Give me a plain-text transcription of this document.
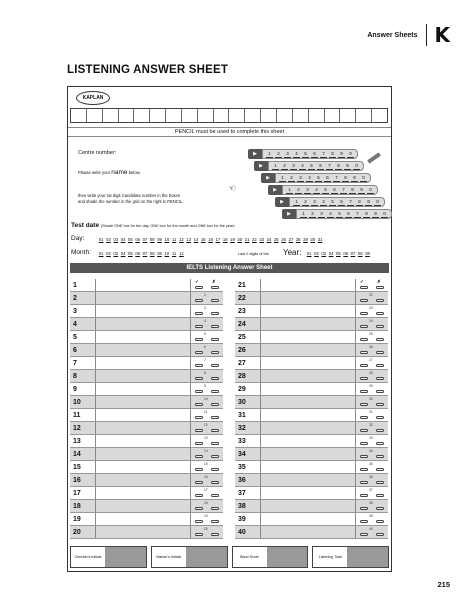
Answer Sheets K
LISTENING ANSWER SHEET
KAPLAN
PENCIL must be used to complete this sheet
Centre number:
Please write your name below,
then write your six digit Candidate number in the boxes
and shade the number in the grid on the right in PENCIL.
☜
▶	1	2	3	4	5	6	7	8	9	0
▶	1	2	3	4	5	6	7	8	9	0
▶	1	2	3	4	5	6	7	8	9	0
▶	1	2	3	4	5	6	7	8	9	0
▶	1	2	3	4	5	6	7	8	9	0
▶	1	2	3	4	5	6	7	8	9	0
Test date (Shade ONE box for the day, ONE box for the month and ONE box for the year)
Day:	01 02 03 04 05 06 07 08 09 10 11 12 13 14 15 16 17 18 19 20 21 22 23 24 25 26 27 28 29 30 31
Month: 01 02 03 04 05 06 07 08 09 10 11 12	Last 2 digits of the Year: 01 02 03 04 05 06 07 08 09
IELTS Listening Answer Sheet
1	✓	✗
2	2
3	3
4	4
5	5
6	6
7	7
8	8
9	9
10	10
11	11
12	12
13	13
14	14
15	15
16	16
17	17
18	18
19	19
20	20
21	✓	✗
22	22
23	23
24	24
25	25
26	26
27	27
28	28
29	29
30	30
31	31
32	32
33	33
34	34
35	35
36	36
37	37
38	38
39	39
40	40
Checker's Initials	Marker's Initials	Band Score	Listening Total
215
